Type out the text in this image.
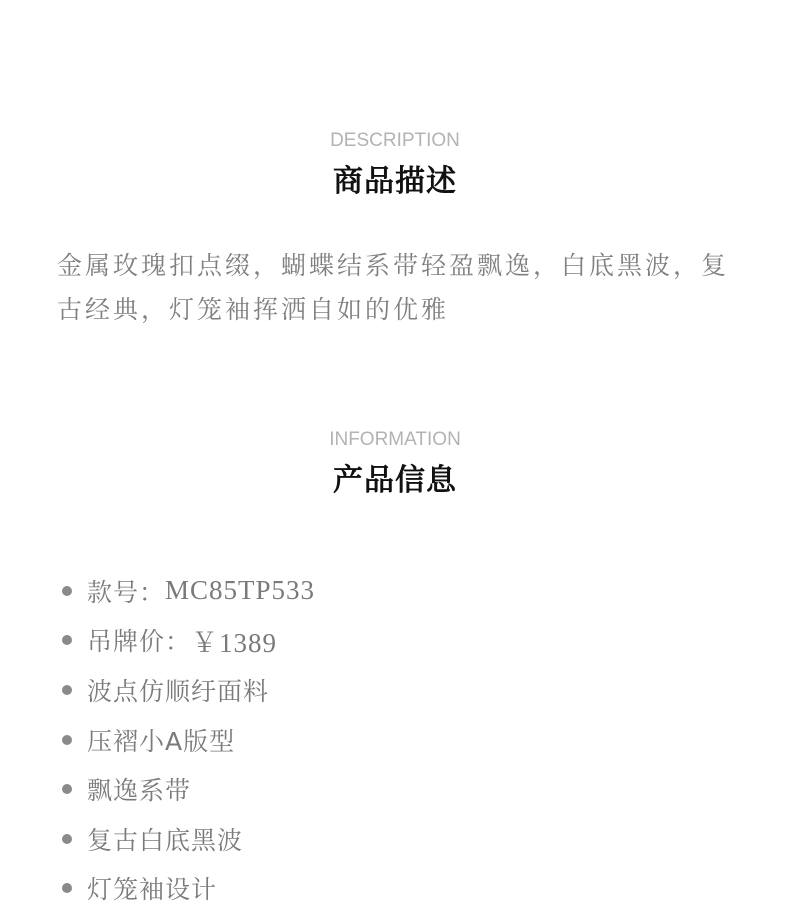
DESCRIPTION
商品描述
金属玫瑰扣点缀，蝴蝶结系带轻盈飘逸，白底黑波，复古经典，灯笼袖挥洒自如的优雅
INFORMATION
产品信息
款号： MC85TP533
吊牌价： ￥1389
波点仿顺纡面料
压褶小A版型
飘逸系带
复古白底黑波
灯笼袖设计
